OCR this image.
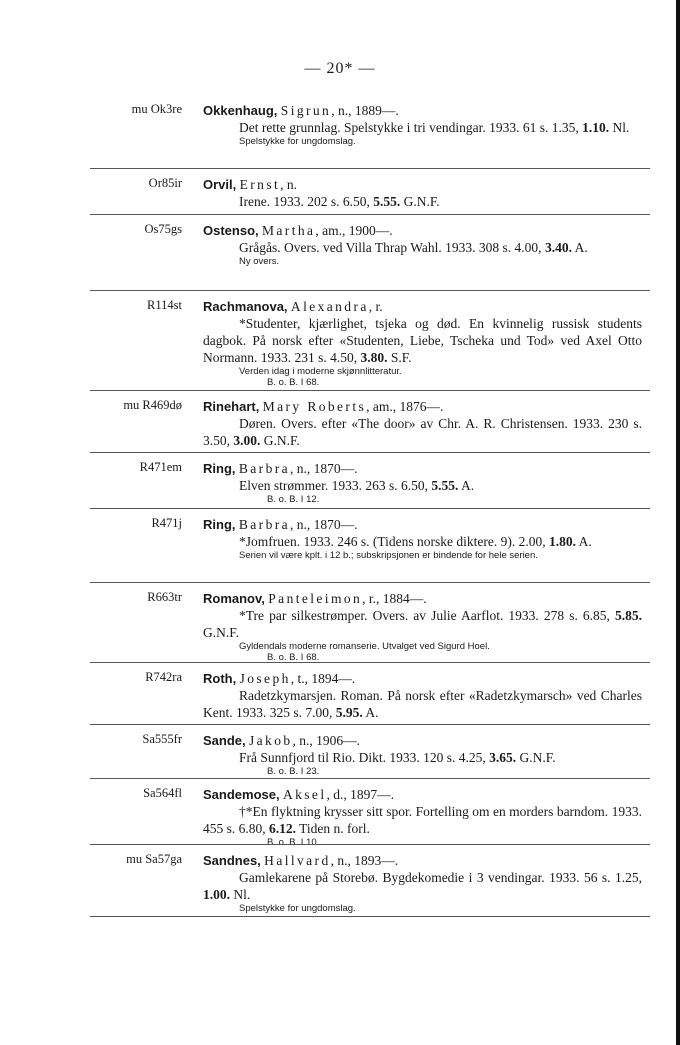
— 20* —
mu Ok3re Okkenhaug, Sigrun, n., 1889—.
Det rette grunnlag. Spelstykke i tri vendingar. 1933. 61 s. 1.35, 1.10. Nl.
Spelstykke for ungdomslag.
Or85ir Orvil, Ernst, n.
Irene. 1933. 202 s. 6.50, 5.55. G.N.F.
Os75gs Ostenso, Martha, am., 1900—.
Grågås. Overs. ved Villa Thrap Wahl. 1933. 308 s. 4.00, 3.40. A.
Ny overs.
R114st Rachmanova, Alexandra, r.
*Studenter, kjærlighet, tsjeka og død. En kvinnelig russisk students dagbok. På norsk efter «Studenten, Liebe, Tscheka und Tod» ved Axel Otto Normann. 1933. 231 s. 4.50, 3.80. S.F.
Verden idag i moderne skjønnlitteratur.
B. o. B. I 68.
mu R469dø Rinehart, Mary Roberts, am., 1876—.
Døren. Overs. efter «The door» av Chr. A. R. Christensen. 1933. 230 s. 3.50, 3.00. G.N.F.
R471em Ring, Barbra, n., 1870—.
Elven strømmer. 1933. 263 s. 6.50, 5.55. A.
B. o. B. I 12.
R471j Ring, Barbra, n., 1870—.
*Jomfruen. 1933. 246 s. (Tidens norske diktere. 9). 2.00, 1.80. A.
Serien vil være kplt. i 12 b.; subskripsjonen er bindende for hele serien.
R663tr Romanov, Panteleimon, r., 1884—.
*Tre par silkestrømper. Overs. av Julie Aarflot. 1933. 278 s. 6.85, 5.85. G.N.F.
Gyldendals moderne romanserie. Utvalget ved Sigurd Hoel.
B. o. B. I 68.
R742ra Roth, Joseph, t., 1894—.
Radetzkymarsjen. Roman. På norsk efter «Radetzkymarsch» ved Charles Kent. 1933. 325 s. 7.00, 5.95. A.
Sa555fr Sande, Jakob, n., 1906—.
Frå Sunnfjord til Rio. Dikt. 1933. 120 s. 4.25, 3.65. G.N.F.
B. o. B. I 23.
Sa564fl Sandemose, Aksel, d., 1897—.
†*En flyktning krysser sitt spor. Fortelling om en morders barndom. 1933. 455 s. 6.80, 6.12. Tiden n. forl.
B. o. B. I 10.
mu Sa57ga Sandnes, Hallvard, n., 1893—.
Gamlekarene på Storebø. Bygdekomedie i 3 vendingar. 1933. 56 s. 1.25, 1.00. Nl.
Spelstykke for ungdomslag.
